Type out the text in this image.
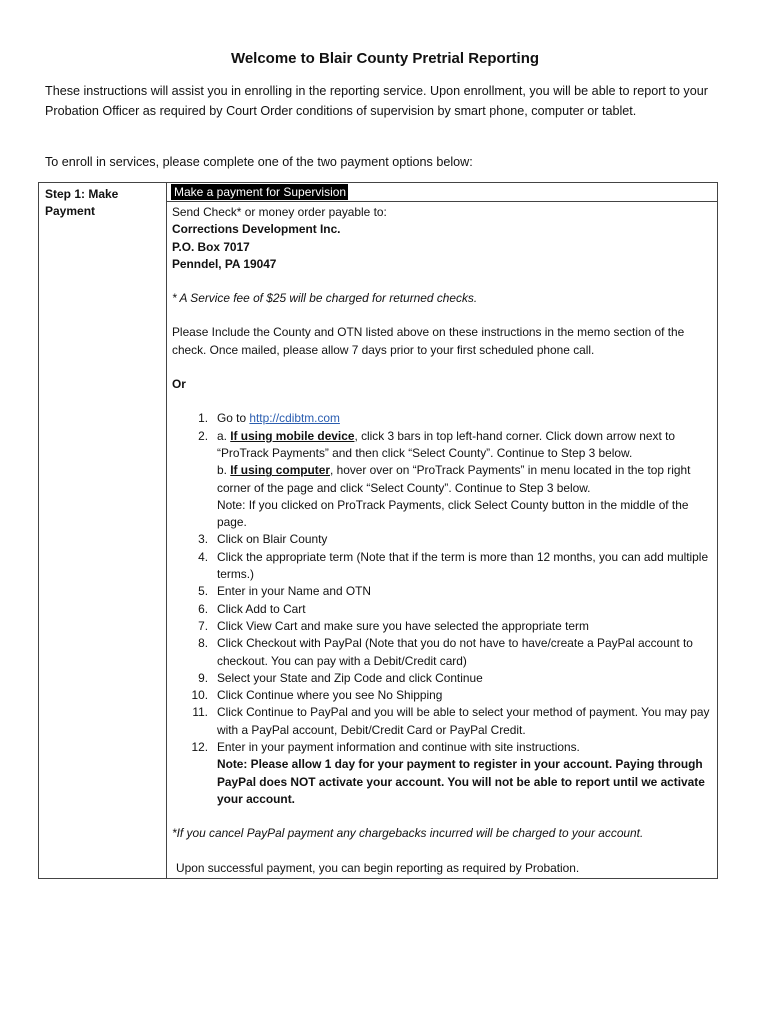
Welcome to Blair County Pretrial Reporting

These instructions will assist you in enrolling in the reporting service. Upon enrollment, you will be able to report to your Probation Officer as required by Court Order conditions of supervision by smart phone, computer or tablet.

To enroll in services, please complete one of the two payment options below:

Step 1: Make Payment
Make a payment for Supervision

Send Check* or money order payable to:

Corrections Development Inc.

P.O. Box 7017

Penndel, PA 19047

* A Service fee of $25 will be charged for returned checks.

Please Include the County and OTN listed above on these instructions in the memo section of the check. Once mailed, please allow 7 days prior to your first scheduled phone call.

Or

1. Go to http://cdibtm.com
2. a. If using mobile device, click 3 bars in top left-hand corner. Click down arrow next to “ProTrack Payments” and then click “Select County”. Continue to Step 3 below.
b. If using computer, hover over on “ProTrack Payments” in menu located in the top right corner of the page and click “Select County”. Continue to Step 3 below.
Note: If you clicked on ProTrack Payments, click Select County button in the middle of the page.
3. Click on Blair County
4. Click the appropriate term (Note that if the term is more than 12 months, you can add multiple terms.)
5. Enter in your Name and OTN
6. Click Add to Cart
7. Click View Cart and make sure you have selected the appropriate term
8. Click Checkout with PayPal (Note that you do not have to have/create a PayPal account to checkout. You can pay with a Debit/Credit card)
9. Select your State and Zip Code and click Continue
10. Click Continue where you see No Shipping
11. Click Continue to PayPal and you will be able to select your method of payment. You may pay with a PayPal account, Debit/Credit Card or PayPal Credit.
12. Enter in your payment information and continue with site instructions.
Note: Please allow 1 day for your payment to register in your account. Paying through PayPal does NOT activate your account. You will not be able to report until we activate your account.

*If you cancel PayPal payment any chargebacks incurred will be charged to your account.

Upon successful payment, you can begin reporting as required by Probation.
